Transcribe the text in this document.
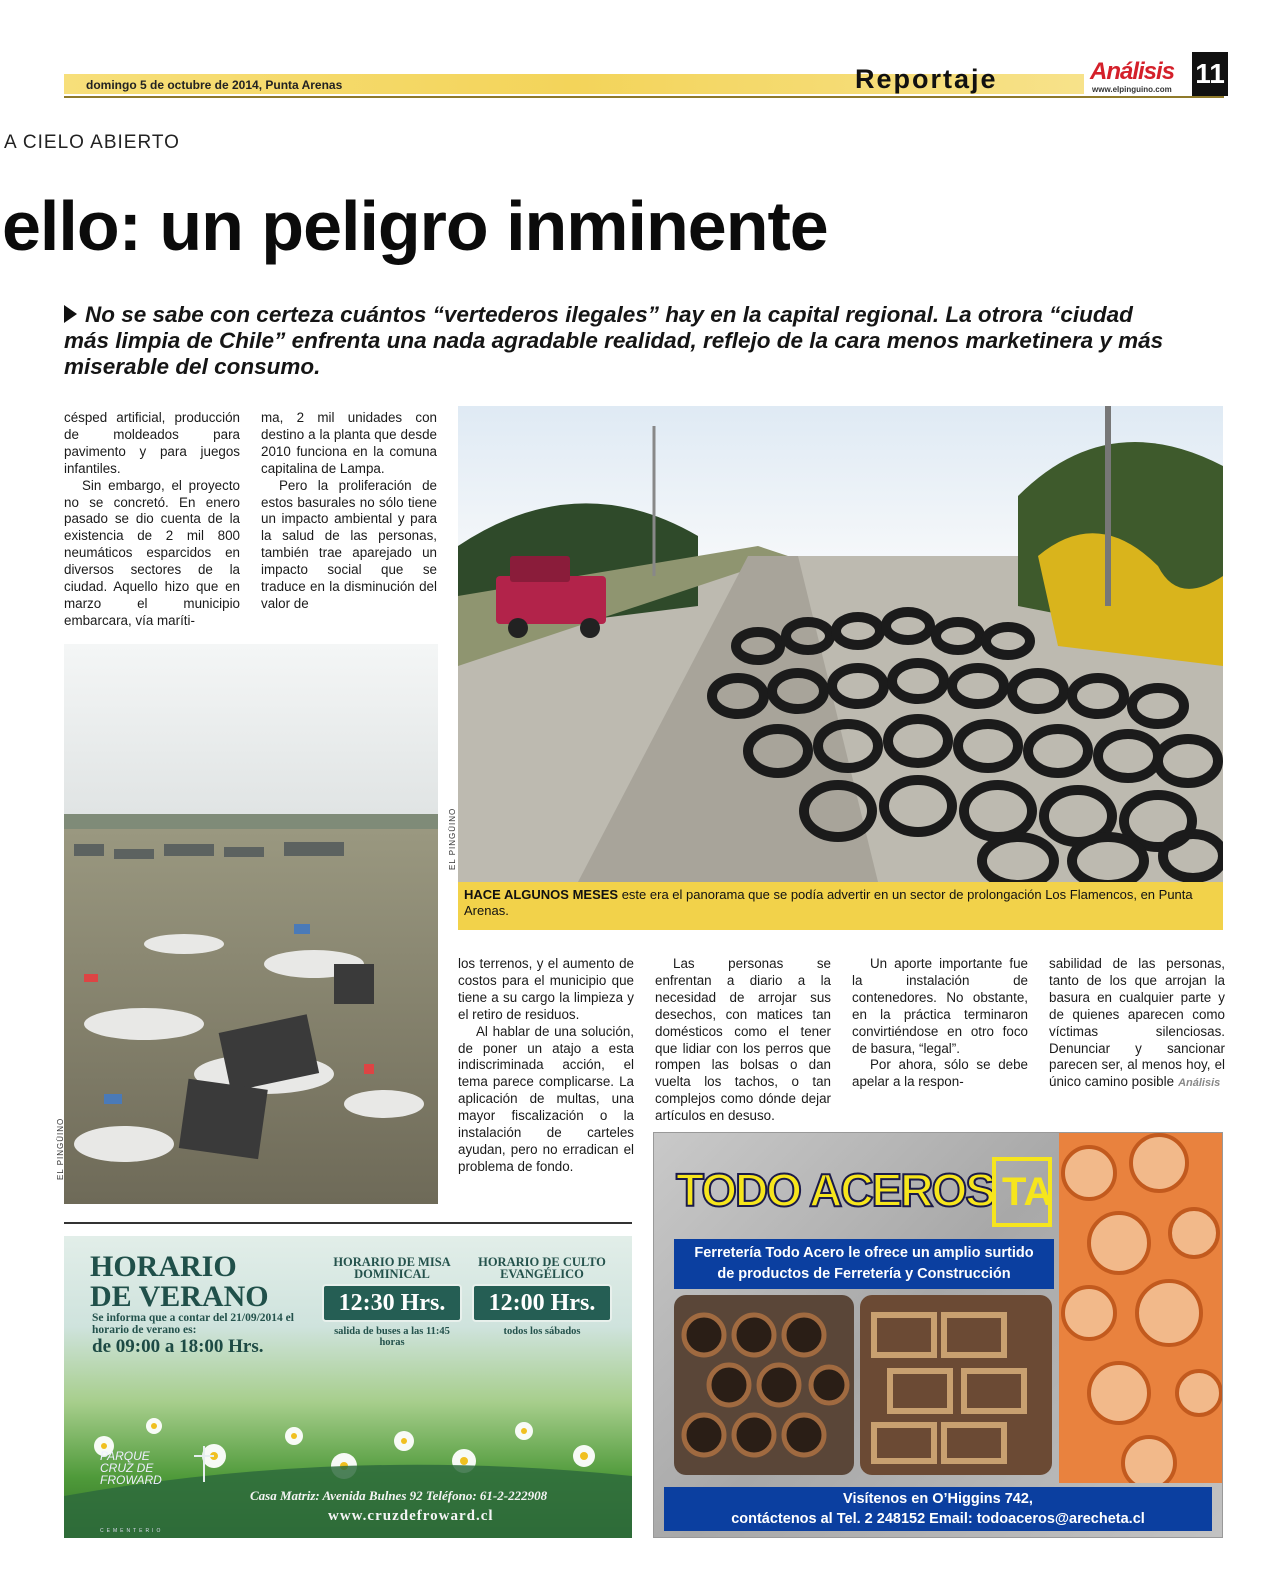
domingo 5 de octubre de 2014, Punta Arenas	Reportaje	Análisis
www.elpinguino.com
11
A CIELO ABIERTO
ello: un peligro inminente
No se sabe con certeza cuántos “vertederos ilegales” hay en la capital regional. La otrora “ciudad más limpia de Chile” enfrenta una nada agradable realidad, reflejo de la cara menos marketinera y más miserable del consumo.

césped artificial, producción de moldeados para pavimento y para juegos infantiles.

Sin embargo, el proyecto no se concretó. En enero pasado se dio cuenta de la existencia de 2 mil 800 neumáticos esparcidos en diversos sectores de la ciudad. Aquello hizo que en marzo el municipio embarcara, vía maríti-

ma, 2 mil unidades con destino a la planta que desde 2010 funciona en la comuna capitalina de Lampa.

Pero la proliferación de estos basurales no sólo tiene un impacto ambiental y para la salud de las personas, también trae aparejado un impacto social que se traduce en la disminución del valor de

EL PINGÜINO
EL PINGÜINO
HACE ALGUNOS MESES este era el panorama que se podía advertir en un sector de prolongación Los Flamencos, en Punta Arenas.

los terrenos, y el aumento de costos para el municipio que tiene a su cargo la limpieza y el retiro de residuos.

Al hablar de una solución, de poner un atajo a esta indiscriminada acción, el tema parece complicarse. La aplicación de multas, una mayor fiscalización o la instalación de carteles ayudan, pero no erradican el problema de fondo.

Las personas se enfrentan a diario a la necesidad de arrojar sus desechos, con matices tan domésticos como el tener que lidiar con los perros que rompen las bolsas o dan vuelta los tachos, o tan complejos como dónde dejar artículos en desuso.

Un aporte importante fue la instalación de contenedores. No obstante, en la práctica terminaron convirtiéndose en otro foco de basura, “legal”.

Por ahora, sólo se debe apelar a la respon-

sabilidad de las personas, tanto de los que arrojan la basura en cualquier parte y de quienes aparecen como víctimas silenciosas. Denunciar y sancionar parecen ser, al menos hoy, el único camino posible Análisis

HORARIO
DE VERANO
Se informa que a contar del 21/09/2014 el horario de verano es:
de 09:00 a 18:00 Hrs.
HORARIO DE MISA DOMINICAL
12:30 Hrs.
salida de buses a las 11:45 horas
HORARIO DE CULTO EVANGÉLICO
12:00 Hrs.
todos los sábados
PARQUE CRUZ DE FROWARD
CEMENTERIO
Casa Matriz: Avenida Bulnes 92 Teléfono: 61-2-222908
www.cruzdefroward.cl
TODO ACEROS TA
Ferretería Todo Acero le ofrece un amplio surtido
de productos de Ferretería y Construcción
Visítenos en O’Higgins 742,
contáctenos al Tel. 2 248152 Email: todoaceros@arecheta.cl
